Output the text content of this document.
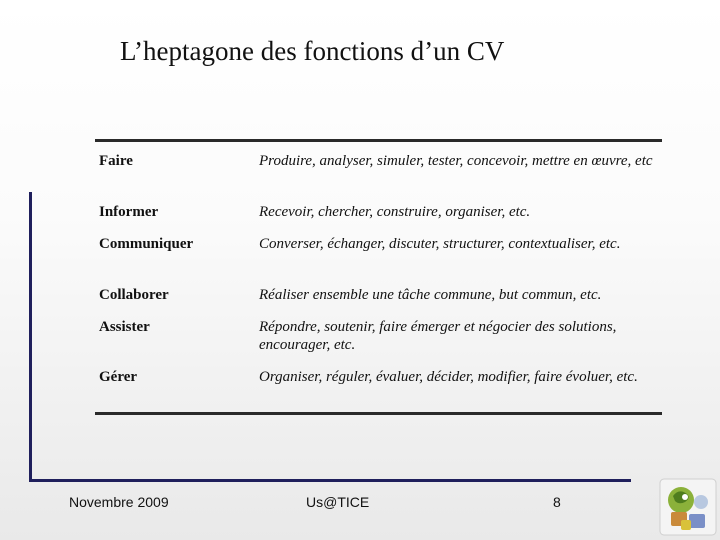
L’heptagone des fonctions d’un CV
Faire	Produire, analyser, simuler, tester, concevoir, mettre en œuvre, etc
Informer	Recevoir, chercher, construire, organiser, etc.
Communiquer	Converser, échanger, discuter, structurer, contextualiser, etc.
Collaborer	Réaliser ensemble une tâche commune, but commun, etc.
Assister	Répondre, soutenir, faire émerger et négocier des solutions, encourager, etc.
Gérer	Organiser, réguler, évaluer, décider, modifier, faire évoluer, etc.
Novembre 2009	Us@TICE	8
